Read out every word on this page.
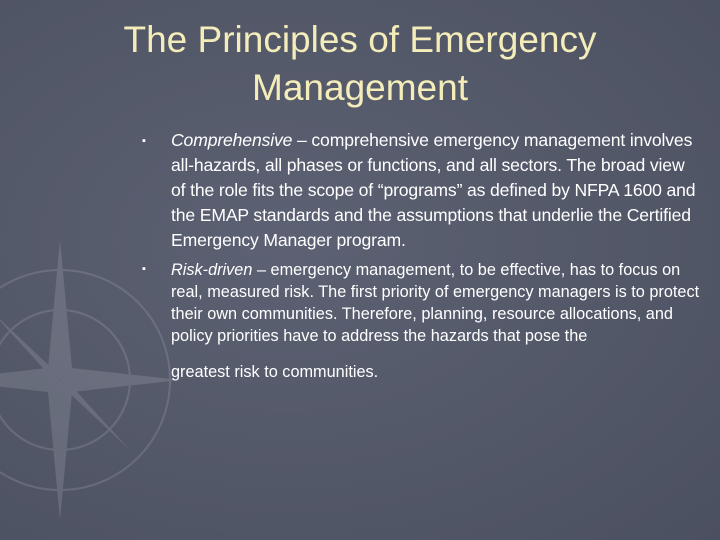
The Principles of Emergency
Management
▪ Comprehensive – comprehensive emergency management involves all-hazards, all phases or functions, and all sectors. The broad view of the role fits the scope of “programs” as defined by NFPA 1600 and the EMAP standards and the assumptions that underlie the Certified Emergency Manager program.
▪ Risk-driven – emergency management, to be effective, has to focus on real, measured risk. The first priority of emergency managers is to protect their own communities. Therefore, planning, resource allocations, and policy priorities have to address the hazards that pose the
greatest risk to communities.
